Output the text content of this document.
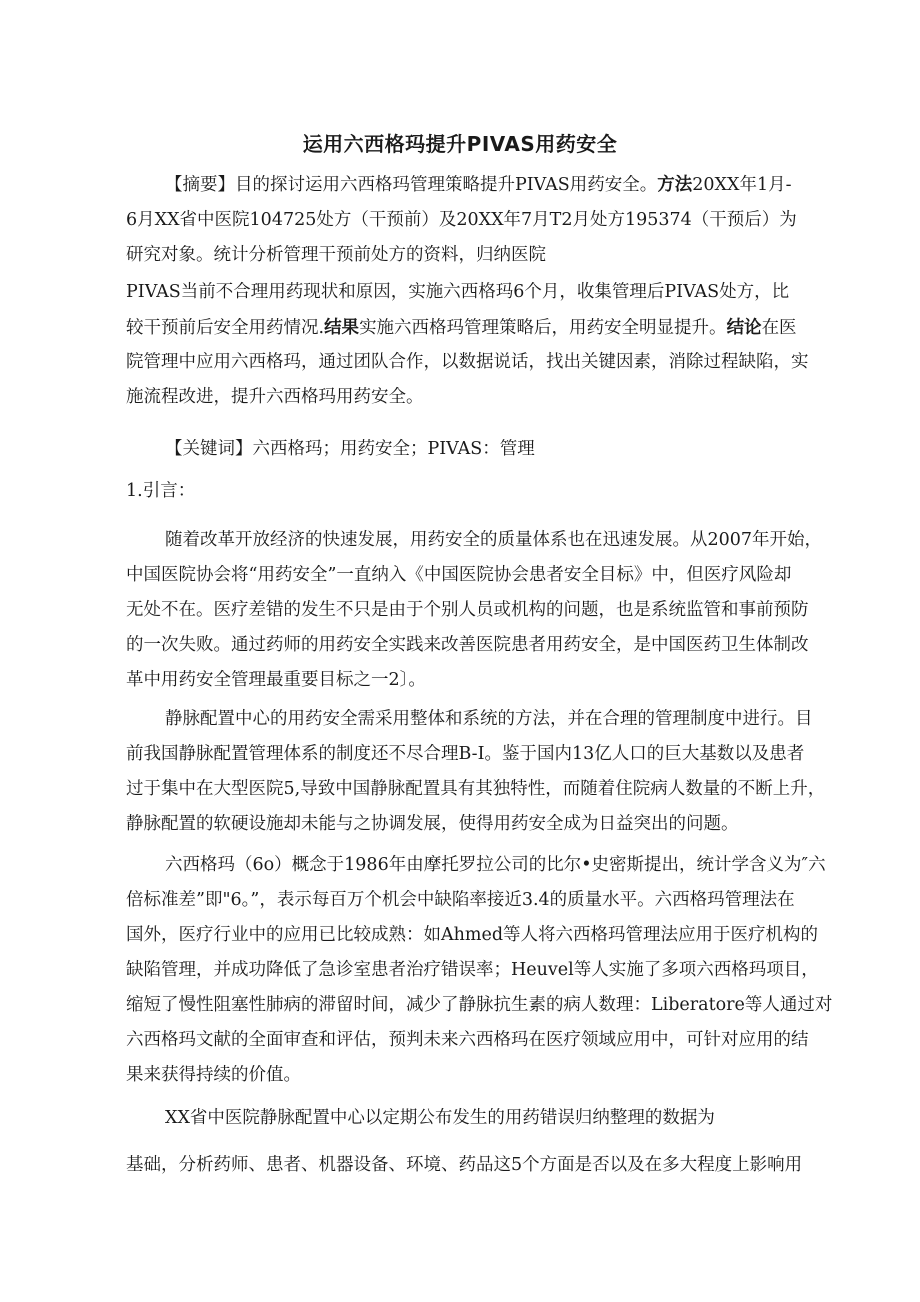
运用六西格玛提升PIVAS用药安全
【摘要】目的探讨运用六西格玛管理策略提升PIVAS用药安全。方法20XX年1月-
6月XX省中医院104725处方（干预前）及20XX年7月T2月处方195374（干预后）为
研究对象。统计分析管理干预前处方的资料，归纳医院
PIVAS当前不合理用药现状和原因，实施六西格玛6个月，收集管理后PIVAS处方，比
较干预前后安全用药情况.结果实施六西格玛管理策略后，用药安全明显提升。结论在医
院管理中应用六西格玛，通过团队合作，以数据说话，找出关键因素，消除过程缺陷，实
施流程改进，提升六西格玛用药安全。
【关键词】六西格玛；用药安全；PIVAS：管理
1.引言：
随着改革开放经济的快速发展，用药安全的质量体系也在迅速发展。从2007年开始，
中国医院协会将“用药安全”一直纳入《中国医院协会患者安全目标》中，但医疗风险却
无处不在。医疗差错的发生不只是由于个别人员或机构的问题，也是系统监管和事前预防
的一次失败。通过药师的用药安全实践来改善医院患者用药安全，是中国医药卫生体制改
革中用药安全管理最重要目标之一2〕。
静脉配置中心的用药安全需采用整体和系统的方法，并在合理的管理制度中进行。目
前我国静脉配置管理体系的制度还不尽合理B-I。鉴于国内13亿人口的巨大基数以及患者
过于集中在大型医院5,导致中国静脉配置具有其独特性，而随着住院病人数量的不断上升，
静脉配置的软硬设施却未能与之协调发展，使得用药安全成为日益突出的问题。
六西格玛（6o）概念于1986年由摩托罗拉公司的比尔•史密斯提出，统计学含义为″六
倍标准差”即"6。”，表示每百万个机会中缺陷率接近3.4的质量水平。六西格玛管理法在
国外，医疗行业中的应用已比较成熟：如Ahmed等人将六西格玛管理法应用于医疗机构的
缺陷管理，并成功降低了急诊室患者治疗错误率；Heuvel等人实施了多项六西格玛项目，
缩短了慢性阻塞性肺病的滞留时间，减少了静脉抗生素的病人数理：Liberatore等人通过对
六西格玛文献的全面审查和评估，预判未来六西格玛在医疗领域应用中，可针对应用的结
果来获得持续的价值。
XX省中医院静脉配置中心以定期公布发生的用药错误归纳整理的数据为
基础，分析药师、患者、机器设备、环境、药品这5个方面是否以及在多大程度上影响用
